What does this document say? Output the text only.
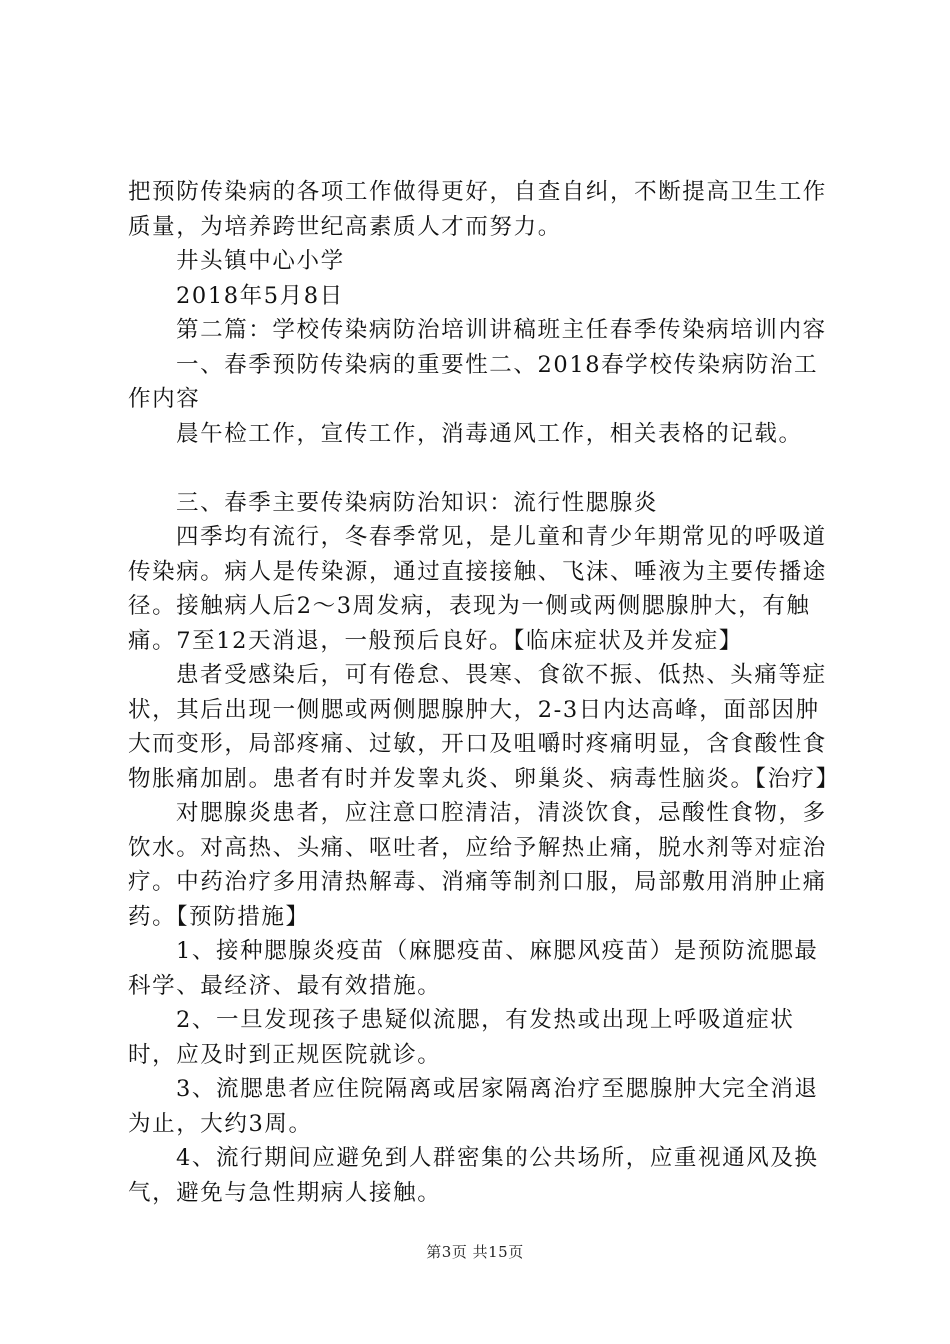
把预防传染病的各项工作做得更好，自查自纠，不断提高卫生工作质量，为培养跨世纪高素质人才而努力。

井头镇中心小学

2018年5月8日

第二篇：学校传染病防治培训讲稿班主任春季传染病培训内容

一、春季预防传染病的重要性二、2018春学校传染病防治工作内容

晨午检工作，宣传工作，消毒通风工作，相关表格的记载。

三、春季主要传染病防治知识：流行性腮腺炎

四季均有流行，冬春季常见，是儿童和青少年期常见的呼吸道传染病。病人是传染源，通过直接接触、飞沫、唾液为主要传播途径。接触病人后2～3周发病，表现为一侧或两侧腮腺肿大，有触痛。7至12天消退，一般预后良好。【临床症状及并发症】

患者受感染后，可有倦怠、畏寒、食欲不振、低热、头痛等症状，其后出现一侧腮或两侧腮腺肿大，2-3日内达高峰，面部因肿大而变形，局部疼痛、过敏，开口及咀嚼时疼痛明显，含食酸性食物胀痛加剧。患者有时并发睾丸炎、卵巢炎、病毒性脑炎。【治疗】

对腮腺炎患者，应注意口腔清洁，清淡饮食，忌酸性食物，多饮水。对高热、头痛、呕吐者，应给予解热止痛，脱水剂等对症治疗。中药治疗多用清热解毒、消痛等制剂口服，局部敷用消肿止痛药。【预防措施】

1、接种腮腺炎疫苗（麻腮疫苗、麻腮风疫苗）是预防流腮最科学、最经济、最有效措施。

2、一旦发现孩子患疑似流腮，有发热或出现上呼吸道症状时，应及时到正规医院就诊。

3、流腮患者应住院隔离或居家隔离治疗至腮腺肿大完全消退为止，大约3周。

4、流行期间应避免到人群密集的公共场所，应重视通风及换气，避免与急性期病人接触。

第3页 共15页
